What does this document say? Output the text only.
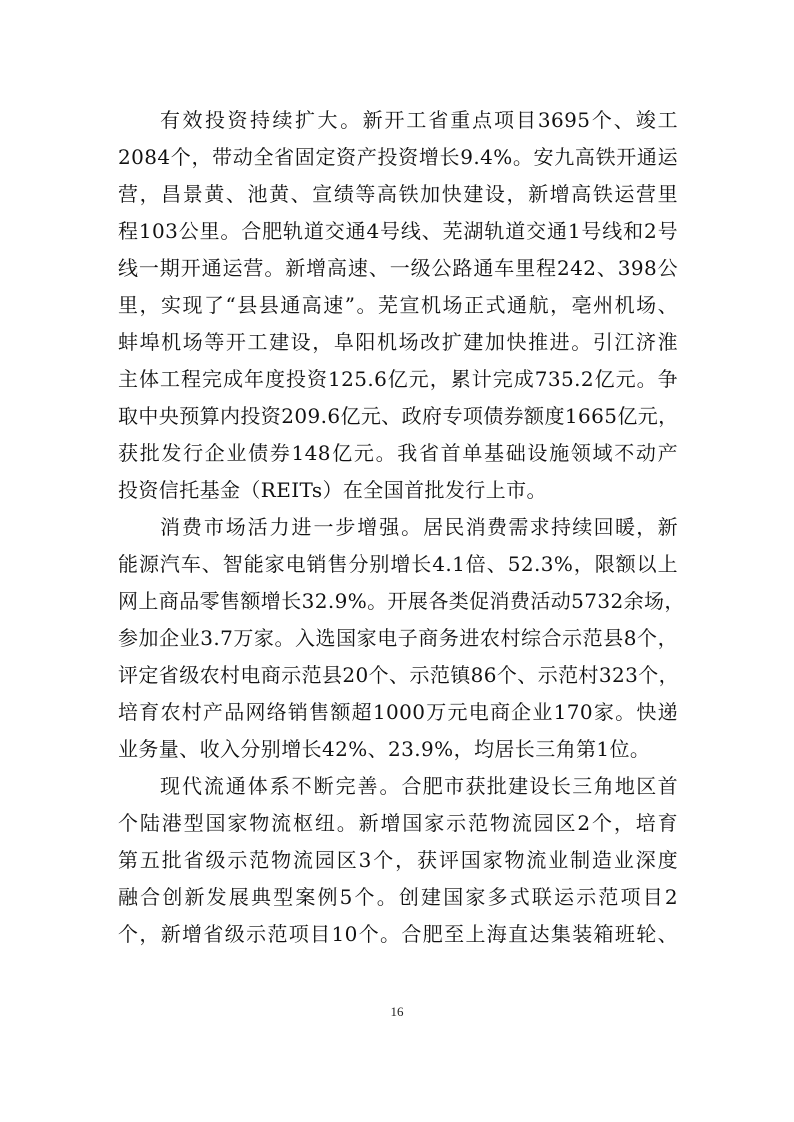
有效投资持续扩大。新开工省重点项目3695个、竣工
2084个，带动全省固定资产投资增长9.4%。安九高铁开通运
营，昌景黄、池黄、宣绩等高铁加快建设，新增高铁运营里
程103公里。合肥轨道交通4号线、芜湖轨道交通1号线和2号
线一期开通运营。新增高速、一级公路通车里程242、398公
里，实现了“县县通高速”。芜宣机场正式通航，亳州机场、
蚌埠机场等开工建设，阜阳机场改扩建加快推进。引江济淮
主体工程完成年度投资125.6亿元，累计完成735.2亿元。争
取中央预算内投资209.6亿元、政府专项债券额度1665亿元，
获批发行企业债券148亿元。我省首单基础设施领域不动产
投资信托基金（REITs）在全国首批发行上市。
消费市场活力进一步增强。居民消费需求持续回暖，新
能源汽车、智能家电销售分别增长4.1倍、52.3%，限额以上
网上商品零售额增长32.9%。开展各类促消费活动5732余场，
参加企业3.7万家。入选国家电子商务进农村综合示范县8个，
评定省级农村电商示范县20个、示范镇86个、示范村323个，
培育农村产品网络销售额超1000万元电商企业170家。快递
业务量、收入分别增长42%、23.9%，均居长三角第1位。
现代流通体系不断完善。合肥市获批建设长三角地区首
个陆港型国家物流枢纽。新增国家示范物流园区2个，培育
第五批省级示范物流园区3个，获评国家物流业制造业深度
融合创新发展典型案例5个。创建国家多式联运示范项目2
个，新增省级示范项目10个。合肥至上海直达集装箱班轮、
16
